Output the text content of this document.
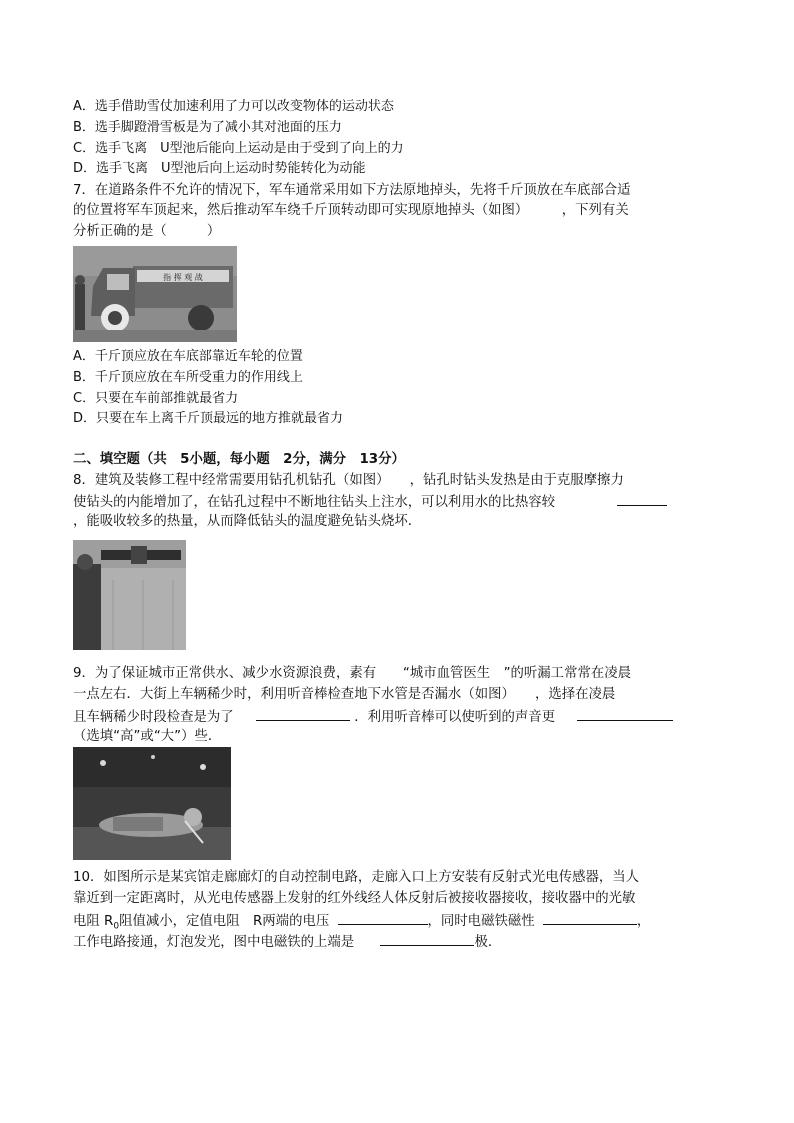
A．选手借助雪仗加速利用了力可以改变物体的运动状态
B．选手脚蹬滑雪板是为了减小其对池面的压力
C．选手飞离　U型池后能向上运动是由于受到了向上的力
D．选手飞离　U型池后向上运动时势能转化为动能
7．在道路条件不允许的情况下，军车通常采用如下方法原地掉头，先将千斤顶放在车底部合适
的位置将军车顶起来，然后推动军车绕千斤顶转动即可实现原地掉头（如图）　　　，下列有关
分析正确的是（　　　）
指 挥 观 战
A．千斤顶应放在车底部靠近车轮的位置
B．千斤顶应放在车所受重力的作用线上
C．只要在车前部推就最省力
D．只要在车上离千斤顶最远的地方推就最省力
二、填空题（共　5小题，每小题　2分，满分　13分）
8．建筑及装修工程中经常需要用钻孔机钻孔（如图）　　，钻孔时钻头发热是由于克服摩擦力
使钻头的内能增加了，在钻孔过程中不断地往钻头上注水，可以利用水的比热容较
，能吸收较多的热量，从而降低钻头的温度避免钻头烧坏．
9．为了保证城市正常供水、减少水资源浪费，素有　　“城市血管医生　”的听漏工常常在凌晨
一点左右．大街上车辆稀少时，利用听音棒检查地下水管是否漏水（如图）　　，选择在凌晨
且车辆稀少时段检查是为了	．利用听音棒可以使听到的声音更
（选填“高”或“大”）些．
10．如图所示是某宾馆走廊廊灯的自动控制电路，走廊入口上方安装有反射式光电传感器，当人
靠近到一定距离时，从光电传感器上发射的红外线经人体反射后被接收器接收，接收器中的光敏
电阻 $R_0$阻值减小，定值电阻　R两端的电压	，同时电磁铁磁性	，
工作电路接通，灯泡发光，图中电磁铁的上端是	极．
